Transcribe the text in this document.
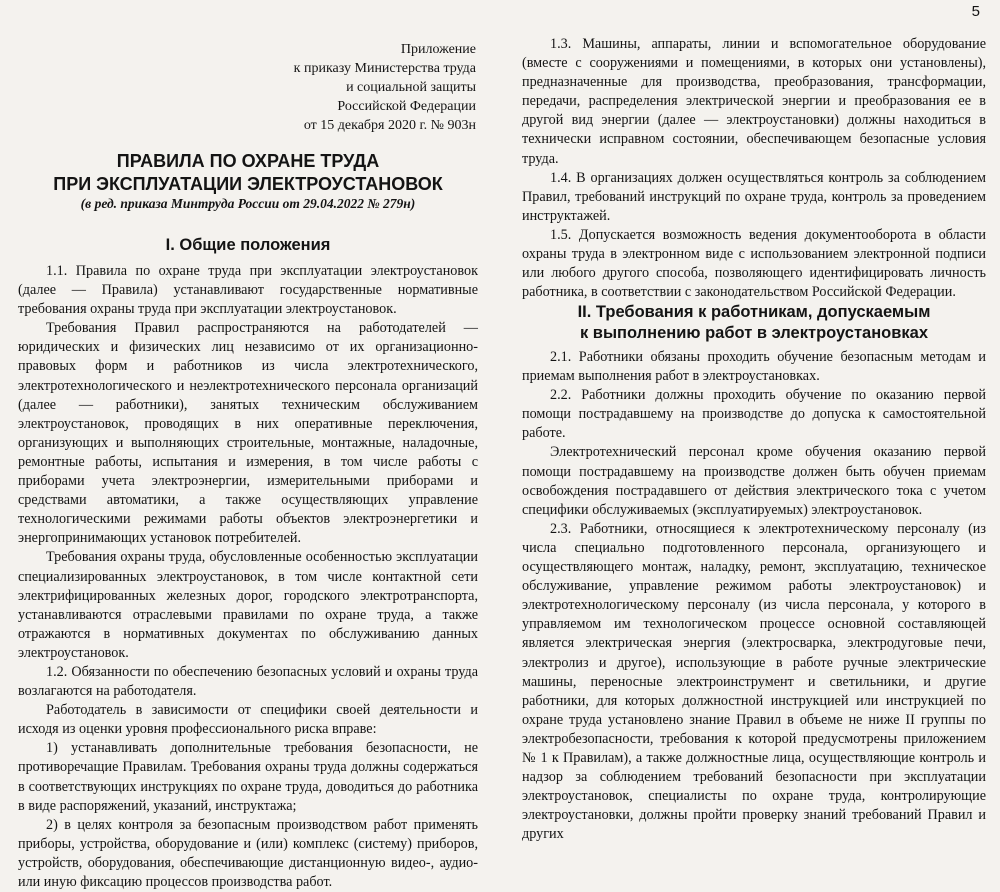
5
Приложение
к приказу Министерства труда
и социальной защиты
Российской Федерации
от 15 декабря 2020 г. № 903н
ПРАВИЛА ПО ОХРАНЕ ТРУДА
ПРИ ЭКСПЛУАТАЦИИ ЭЛЕКТРОУСТАНОВОК
(в ред. приказа Минтруда России от 29.04.2022 № 279н)
I. Общие положения

1.1. Правила по охране труда при эксплуатации электроустановок (далее — Правила) устанавливают государственные нормативные требования охраны труда при эксплуатации электроустановок.

Требования Правил распространяются на работодателей — юридических и физических лиц независимо от их организационно-правовых форм и работников из числа электротехнического, электротехнологического и неэлектротехнического персонала организаций (далее — работники), занятых техническим обслуживанием электроустановок, проводящих в них оперативные переключения, организующих и выполняющих строительные, монтажные, наладочные, ремонтные работы, испытания и измерения, в том числе работы с приборами учета электроэнергии, измерительными приборами и средствами автоматики, а также осуществляющих управление технологическими режимами работы объектов электроэнергетики и энергопринимающих установок потребителей.

Требования охраны труда, обусловленные особенностью эксплуатации специализированных электроустановок, в том числе контактной сети электрифицированных железных дорог, городского электротранспорта, устанавливаются отраслевыми правилами по охране труда, а также отражаются в нормативных документах по обслуживанию данных электроустановок.

1.2. Обязанности по обеспечению безопасных условий и охраны труда возлагаются на работодателя.

Работодатель в зависимости от специфики своей деятельности и исходя из оценки уровня профессионального риска вправе:

1) устанавливать дополнительные требования безопасности, не противоречащие Правилам. Требования охраны труда должны содержаться в соответствующих инструкциях по охране труда, доводиться до работника в виде распоряжений, указаний, инструктажа;

2) в целях контроля за безопасным производством работ применять приборы, устройства, оборудование и (или) комплекс (систему) приборов, устройств, оборудования, обеспечивающие дистанционную видео-, аудио- или иную фиксацию процессов производства работ.

1.3. Машины, аппараты, линии и вспомогательное оборудование (вместе с сооружениями и помещениями, в которых они установлены), предназначенные для производства, преобразования, трансформации, передачи, распределения электрической энергии и преобразования ее в другой вид энергии (далее — электроустановки) должны находиться в технически исправном состоянии, обеспечивающем безопасные условия труда.

1.4. В организациях должен осуществляться контроль за соблюдением Правил, требований инструкций по охране труда, контроль за проведением инструктажей.

1.5. Допускается возможность ведения документооборота в области охраны труда в электронном виде с использованием электронной подписи или любого другого способа, позволяющего идентифицировать личность работника, в соответствии с законодательством Российской Федерации.

II. Требования к работникам, допускаемым
к выполнению работ в электроустановках

2.1. Работники обязаны проходить обучение безопасным методам и приемам выполнения работ в электроустановках.

2.2. Работники должны проходить обучение по оказанию первой помощи пострадавшему на производстве до допуска к самостоятельной работе.

Электротехнический персонал кроме обучения оказанию первой помощи пострадавшему на производстве должен быть обучен приемам освобождения пострадавшего от действия электрического тока с учетом специфики обслуживаемых (эксплуатируемых) электроустановок.

2.3. Работники, относящиеся к электротехническому персоналу (из числа специально подготовленного персонала, организующего и осуществляющего монтаж, наладку, ремонт, эксплуатацию, техническое обслуживание, управление режимом работы электроустановок) и электротехнологическому персоналу (из числа персонала, у которого в управляемом им технологическом процессе основной составляющей является электрическая энергия (электросварка, электродуговые печи, электролиз и другое), использующие в работе ручные электрические машины, переносные электроинструмент и светильники, и другие работники, для которых должностной инструкцией или инструкцией по охране труда установлено знание Правил в объеме не ниже II группы по электробезопасности, требования к которой предусмотрены приложением № 1 к Правилам), а также должностные лица, осуществляющие контроль и надзор за соблюдением требований безопасности при эксплуатации электроустановок, специалисты по охране труда, контролирующие электроустановки, должны пройти проверку знаний требований Правил и других
